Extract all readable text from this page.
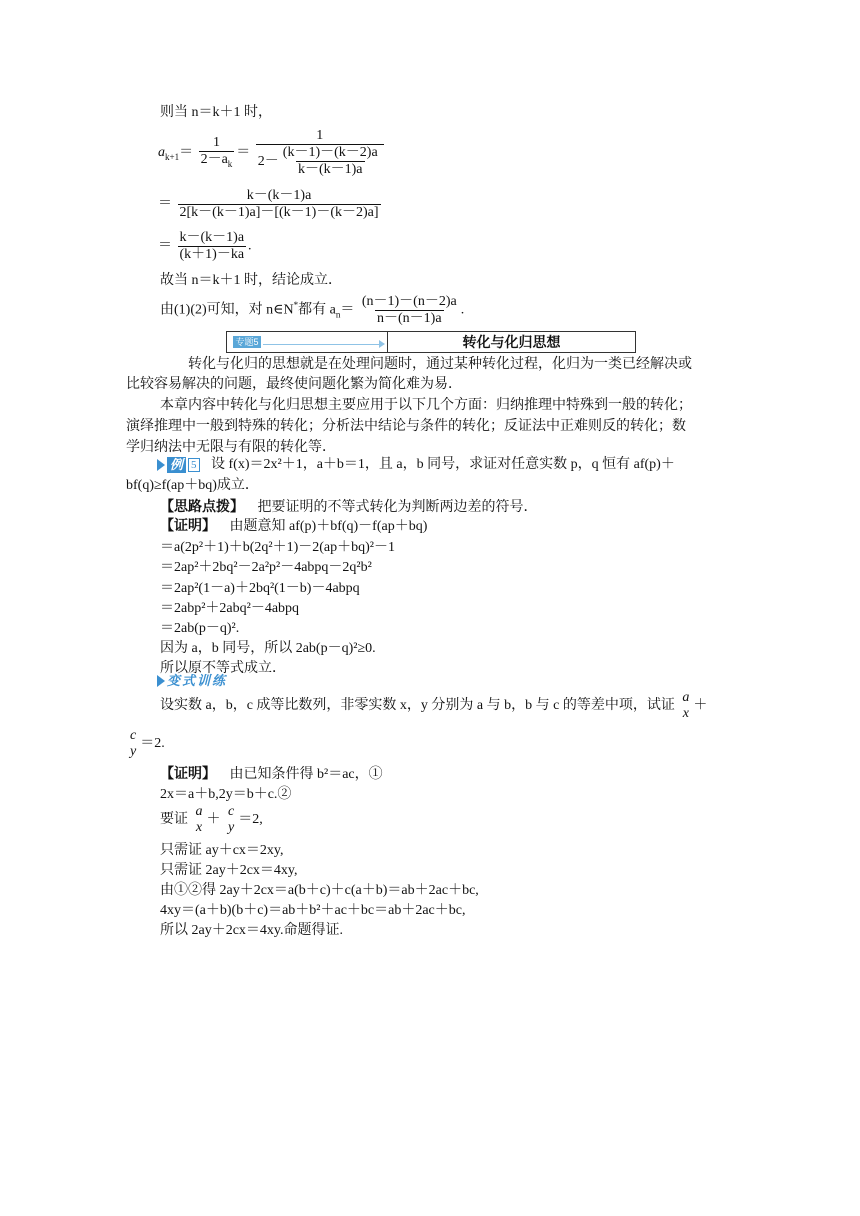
则当 n＝k＋1 时，
$a_{k+1}= \frac{1}{2-a_k} = \frac{1}{2- \frac{(k-1)-(k-2)a}{k-(k-1)a}}$
＝ $\frac{k-(k-1)a}{2[k-(k-1)a]-[(k-1)-(k-2)a]}$
＝ $\frac{k-(k-1)a}{(k+1)-ka}$ .
故当 n＝k＋1 时，结论成立．
由(1)(2)可知，对 n∈N*都有 $a_n= \frac{(n-1)-(n-2)a}{n-(n-1)a}$ .
专题5	转化与化归思想
转化与化归的思想就是在处理问题时，通过某种转化过程，化归为一类已经解决或
比较容易解决的问题，最终使问题化繁为简化难为易．
本章内容中转化与化归思想主要应用于以下几个方面：归纳推理中特殊到一般的转化；
演绎推理中一般到特殊的转化；分析法中结论与条件的转化；反证法中正难则反的转化；数
学归纳法中无限与有限的转化等．
例 5 设 f(x)＝2x²＋1，a＋b＝1，且 a，b 同号，求证对任意实数 p，q 恒有 af(p)＋
bf(q)≥f(ap＋bq)成立．
【思路点拨】 把要证明的不等式转化为判断两边差的符号．
【证明】 由题意知 af(p)＋bf(q)－f(ap＋bq)
＝a(2p²＋1)＋b(2q²＋1)－2(ap＋bq)²－1
＝2ap²＋2bq²－2a²p²－4abpq－2q²b²
＝2ap²(1－a)＋2bq²(1－b)－4abpq
＝2abp²＋2abq²－4abpq
＝2ab(p－q)².
因为 a，b 同号，所以 2ab(p－q)²≥0.
所以原不等式成立．
变式训练
设实数 a，b，c 成等比数列，非零实数 x，y 分别为 a 与 b，b 与 c 的等差中项，试证
a
x
＋
c
y
＝2.
【证明】 由已知条件得 b²＝ac，①
2x＝a＋b,2y＝b＋c.②
要证
a
x
＋
c
y
＝2,
只需证 ay＋cx＝2xy,
只需证 2ay＋2cx＝4xy,
由①②得 2ay＋2cx＝a(b＋c)＋c(a＋b)＝ab＋2ac＋bc,
4xy＝(a＋b)(b＋c)＝ab＋b²＋ac＋bc＝ab＋2ac＋bc,
所以 2ay＋2cx＝4xy.命题得证.
